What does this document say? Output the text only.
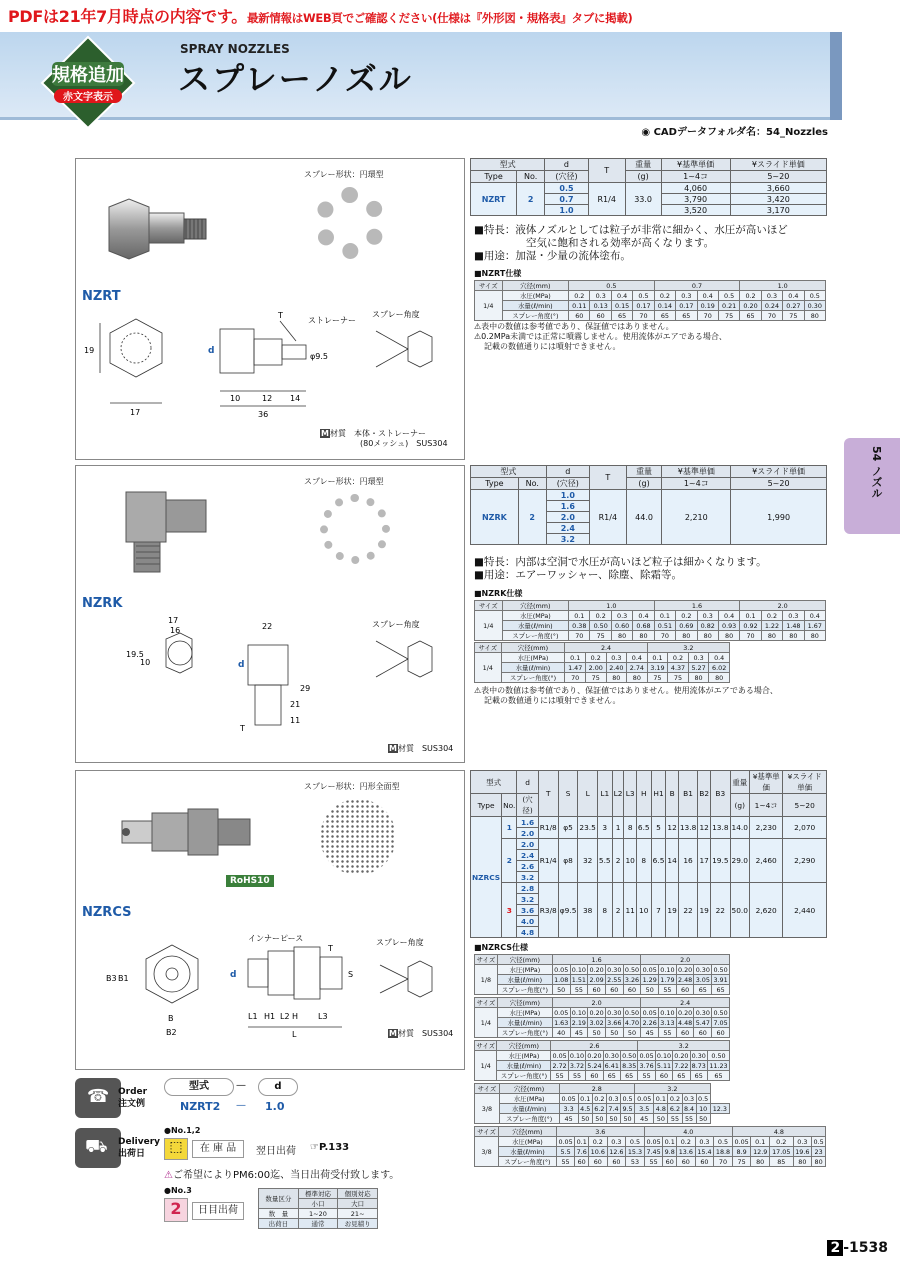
PDFは21年7月時点の内容です。最新情報はWEB頁でご確認ください(仕様は『外形図・規格表』タブに掲載)
規格追加
赤文字表示
SPRAY NOZZLES
スプレーノズル
◉ CADデータフォルダ名：54_Nozzles
54 ノズル
スプレー形状：円環型
NZRT
19
17
10	12 14
36
φ9.5
T
d
ストレーナー
スプレー角度
M材質　 本体・ストレーナー
(80メッシュ)　SUS304
型式		d	T	重量	¥基準単価	¥スライド単価
Type	No.	(穴径)		(g)	1~4コ	5~20
NZRT	2	0.5	R1/4	33.0	4,060	3,660
		0.7			3,790	3,420
		1.0			3,520	3,170
■特長：液体ノズルとしては粒子が非常に細かく、水圧が高いほど
空気に飽和される効率が高くなります。
■用途：加湿・少量の流体塗布。
■NZRT仕様
サイズ	穴径(mm)	0.5				0.7				1.0			
1/4	水圧(MPa)	0.2	0.3	0.4	0.5	0.2	0.3	0.4	0.5	0.2	0.3	0.4	0.5
	水量(ℓ/min)	0.11	0.13	0.15	0.17	0.14	0.17	0.19	0.21	0.20	0.24	0.27	0.30
	スプレー角度(°)	60	60	65	70	65	65	70	75	65	70	75	80
⚠表中の数値は参考値であり、保証値ではありません。
⚠0.2MPa未満では正常に噴霧しません。使用流体がエアである場合、
記載の数値通りには噴射できません。
スプレー形状：円環型
NZRK
17
16	22
19.5
10
29
21
11
T
d
スプレー角度
M材質　 SUS304
型式		d	T	重量	¥基準単価	¥スライド単価
Type	No.	(穴径)		(g)	1~4コ	5~20
NZRK	2	1.0	R1/4	44.0	2,210	1,990
		1.6				
		2.0				
		2.4				
		3.2				
■特長：内部は空洞で水圧が高いほど粒子は細かくなります。
■用途：エアーワッシャー、除塵、除霜等。
■NZRK仕様
サイズ	穴径(mm)	1.0				1.6				2.0			
1/4	水圧(MPa)	0.1	0.2	0.3	0.4	0.1	0.2	0.3	0.4	0.1	0.2	0.3	0.4
	水量(ℓ/min)	0.38	0.50	0.60	0.68	0.51	0.69	0.82	0.93	0.92	1.22	1.48	1.67
	スプレー角度(°)	70	75	80	80	70	80	80	80	70	80	80	80
サイズ	穴径(mm)	2.4				3.2			
1/4	水圧(MPa)	0.1	0.2	0.3	0.4	0.1	0.2	0.3	0.4
	水量(ℓ/min)	1.47	2.00	2.40	2.74	3.19	4.37	5.27	6.02
	スプレー角度(°)	70	75	80	80	75	75	80	80
⚠表中の数値は参考値であり、保証値ではありません。使用流体がエアである場合、
記載の数値通りには噴射できません。
スプレー形状：円形全面型
RoHS10
NZRCS
B3 B1
B
B2
L1 H1 L2 H L3
L
T
S
d
インナーピース	スプレー角度
M材質　 SUS304
型式		d	T	S	L	L1	L2	L3	H	H1	B	B1	B2	B3	重量	¥基準単価	¥スライド単価
Type	No.	(穴径)													(g)	1~4コ	5~20
NZRCS	1	1.6	R1/8	φ5	23.5	3	1	8	6.5	5	12	13.8	12	13.8	14.0	2,230	2,070
		2.0															
	2	2.0	R1/4	φ8	32	5.5	2	10	8	6.5	14	16	17	19.5	29.0	2,460	2,290
		2.4															
		2.6															
		3.2															
	3	2.8	R3/8	φ9.5	38	8	2	11	10	7	19	22	19	22	50.0	2,620	2,440
		3.2															
		3.6															
		4.0															
		4.8															
■NZRCS仕様
サイズ	穴径(mm)	1.6					2.0				
1/8	水圧(MPa)	0.05	0.10	0.20	0.30	0.50	0.05	0.10	0.20	0.30	0.50
	水量(ℓ/min)	1.08	1.51	2.09	2.55	3.26	1.29	1.79	2.48	3.05	3.91
	スプレー角度(°)	50	55	60	60	60	50	55	60	65	65
サイズ	穴径(mm)	2.0					2.4				
1/4	水圧(MPa)	0.05	0.10	0.20	0.30	0.50	0.05	0.10	0.20	0.30	0.50
	水量(ℓ/min)	1.63	2.19	3.02	3.66	4.70	2.26	3.13	4.48	5.47	7.05
	スプレー角度(°)	40	45	50	50	50	45	55	60	60	60
サイズ	穴径(mm)	2.6					3.2				
1/4	水圧(MPa)	0.05	0.10	0.20	0.30	0.50	0.05	0.10	0.20	0.30	0.50
	水量(ℓ/min)	2.72	3.72	5.24	6.41	8.35	3.76	5.11	7.22	8.73	11.23
	スプレー角度(°)	55	55	60	65	65	55	60	65	65	65
サイズ	穴径(mm)	2.8					3.2					
3/8	水圧(MPa)	0.05	0.1	0.2	0.3	0.5	0.05	0.1	0.2	0.3	0.5	
	水量(ℓ/min)	3.3	4.5	6.2	7.4	9.5	3.5	4.8	6.2	8.4	10	12.3
	スプレー角度(°)	45	50	50	50	50	45	50	55	55	50	
サイズ	穴径(mm)	3.6					4.0					4.8				
3/8	水圧(MPa)	0.05	0.1	0.2	0.3	0.5	0.05	0.1	0.2	0.3	0.5	0.05	0.1	0.2	0.3	0.5
	水量(ℓ/min)	5.5	7.6	10.6	12.6	15.3	7.45	9.8	13.6	15.4	18.8	8.9	12.9	17.05	19.6	23
	スプレー角度(°)	55	60	60	60	53	55	60	60	60	70	75	80	85	80	80
☎ Order
注文例
型式	—	d
NZRT2 — 1.0
⛟ Delivery
出荷日
●No.1,2
⬚	在 庫 品	翌日出荷 ☞P.133
⚠ご希望によりPM6:00迄、当日出荷受付致します。
●No.3
2	日目出荷
数量区分	標準対応	個別対応
	小口	大口
数　量	1~20	21~
出荷日	通常	お見積り
2 -1538
